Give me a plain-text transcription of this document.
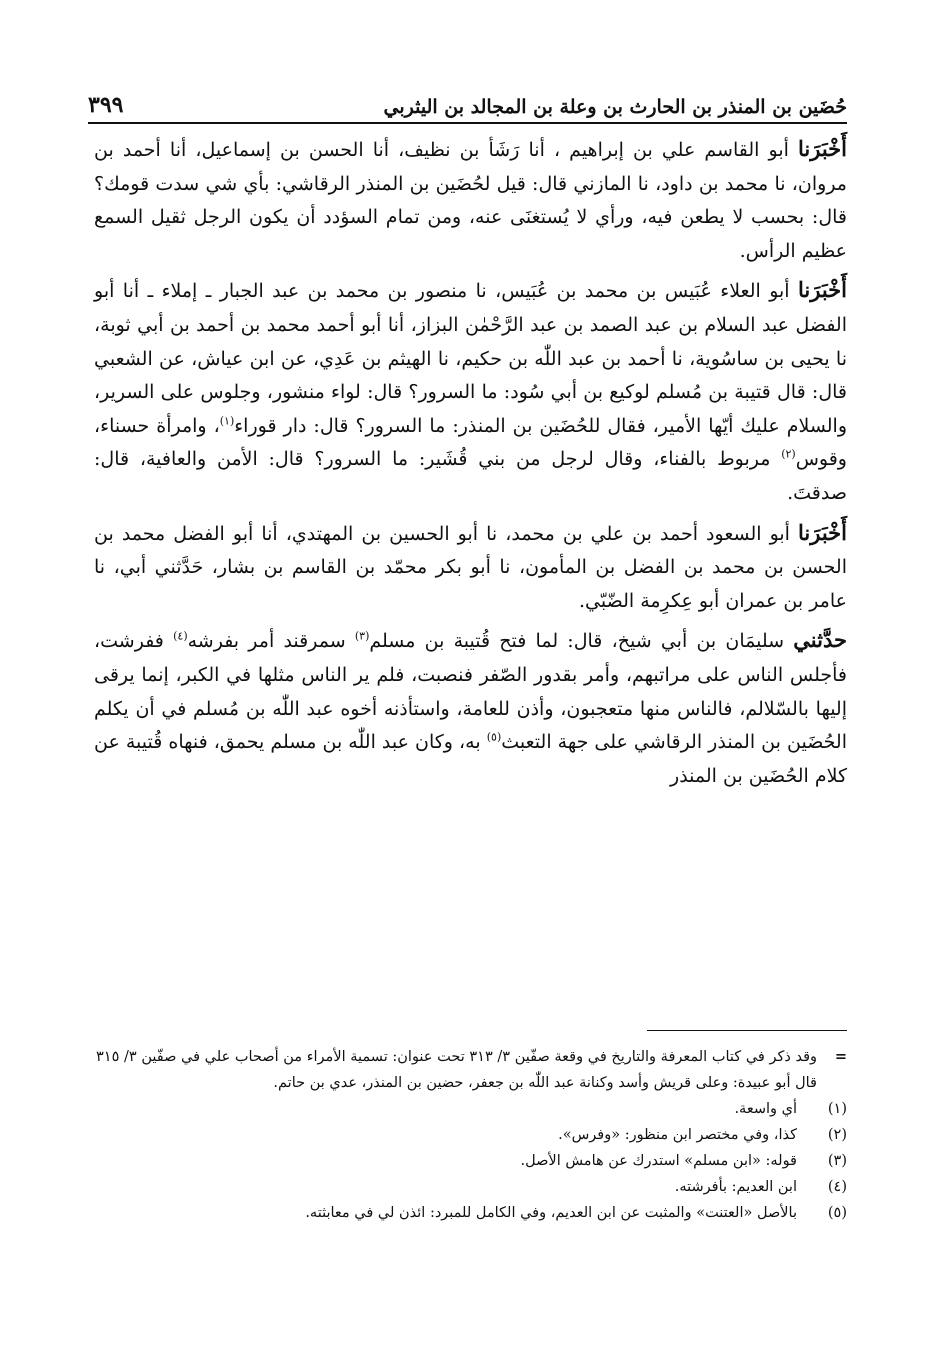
حُضَين بن المنذر بن الحارث بن وعلة بن المجالد بن اليثربي
٣٩٩

أَخْبَرَنا أبو القاسم علي بن إبراهيم ، أنا رَشَأ بن نظيف، أنا الحسن بن إسماعيل، أنا أحمد بن مروان، نا محمد بن داود، نا المازني قال: قيل لحُضَين بن المنذر الرقاشي: بأي شي سدت قومك؟ قال: بحسب لا يطعن فيه، ورأي لا يُستغنَى عنه، ومن تمام السؤدد أن يكون الرجل ثقيل السمع عظيم الرأس.

أَخْبَرَنا أبو العلاء عُبَيس بن محمد بن عُبَيس، نا منصور بن محمد بن عبد الجبار ـ إملاء ـ أنا أبو الفضل عبد السلام بن عبد الصمد بن عبد الرَّحْمٰن البزاز، أنا أبو أحمد محمد بن أحمد بن أبي ثوبة، نا يحيى بن ساسُوية، نا أحمد بن عبد اللّٰه بن حكيم، نا الهيثم بن عَدِي، عن ابن عياش، عن الشعبي قال: قال قتيبة بن مُسلم لوكيع بن أبي سُود: ما السرور؟ قال: لواء منشور، وجلوس على السرير، والسلام عليك أيّها الأمير، فقال للحُضَين بن المنذر: ما السرور؟ قال: دار قوراء$^{(١)}$، وامرأة حسناء، وقوس$^{(٢)}$ مربوط بالفناء، وقال لرجل من بني قُشَير: ما السرور؟ قال: الأمن والعافية، قال: صدقتَ.

أَخْبَرَنا أبو السعود أحمد بن علي بن محمد، نا أبو الحسين بن المهتدي، أنا أبو الفضل محمد بن الحسن بن محمد بن الفضل بن المأمون، نا أبو بكر محمّد بن القاسم بن بشار، حَدَّثني أبي، نا عامر بن عمران أبو عِكرِمة الضّبّي.

حدَّثني سليمَان بن أبي شيخ، قال: لما فتح قُتيبة بن مسلم$^{(٣)}$ سمرقند أمر بفرشه$^{(٤)}$ ففرشت، فأجلس الناس على مراتبهم، وأمر بقدور الصّفر فنصبت، فلم ير الناس مثلها في الكبر، إنما يرقى إليها بالسّلالم، فالناس منها متعجبون، وأذن للعامة، واستأذنه أخوه عبد اللّٰه بن مُسلم في أن يكلم الحُضَين بن المنذر الرقاشي على جهة التعبث$^{(٥)}$ به، وكان عبد اللّٰه بن مسلم يحمق، فنهاه قُتيبة عن كلام الحُضَين بن المنذر

=
وقد ذكر في كتاب المعرفة والتاريخ في وقعة صفّين ٣/ ٣١٣ تحت عنوان: تسمية الأمراء من أصحاب علي في صفّين ٣/ ٣١٥ قال أبو عبيدة: وعلى قريش وأسد وكنانة عبد اللّٰه بن جعفر، حضين بن المنذر، عدي بن حاتم.
(١)
أي واسعة.
(٢)
كذا، وفي مختصر ابن منظور: «وفرس».
(٣)
قوله: «ابن مسلم» استدرك عن هامش الأصل.
(٤)
ابن العديم: بأفرشته.
(٥)
بالأصل «العتنت» والمثبت عن ابن العديم، وفي الكامل للمبرد: ائذن لي في معابثته.
